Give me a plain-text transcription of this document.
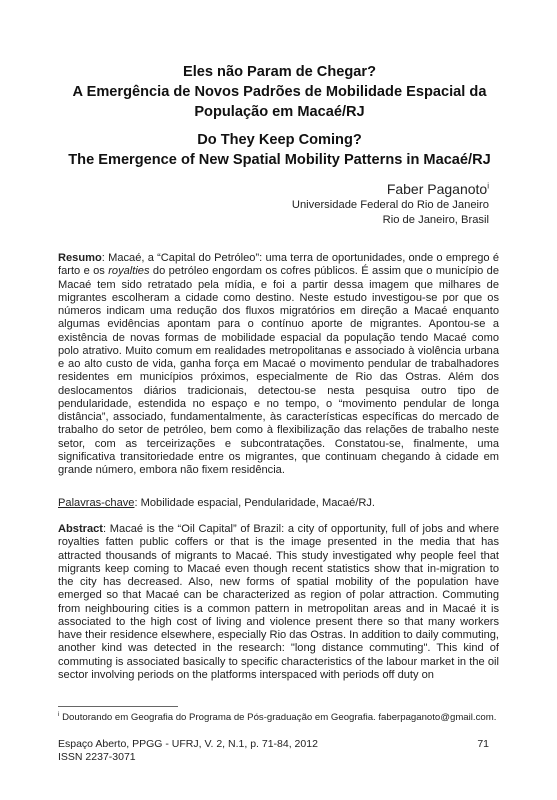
Eles não Param de Chegar?
A Emergência de Novos Padrões de Mobilidade Espacial da
População em Macaé/RJ
Do They Keep Coming?
The Emergence of New Spatial Mobility Patterns in Macaé/RJ
Faber Paganoto$^i$
Universidade Federal do Rio de Janeiro
Rio de Janeiro, Brasil
Resumo: Macaé, a “Capital do Petróleo”: uma terra de oportunidades, onde o emprego é farto e os royalties do petróleo engordam os cofres públicos. É assim que o município de Macaé tem sido retratado pela mídia, e foi a partir dessa imagem que milhares de migrantes escolheram a cidade como destino. Neste estudo investigou-se por que os números indicam uma redução dos fluxos migratórios em direção a Macaé enquanto algumas evidências apontam para o contínuo aporte de migrantes. Apontou-se a existência de novas formas de mobilidade espacial da população tendo Macaé como polo atrativo. Muito comum em realidades metropolitanas e associado à violência urbana e ao alto custo de vida, ganha força em Macaé o movimento pendular de trabalhadores residentes em municípios próximos, especialmente de Rio das Ostras. Além dos deslocamentos diários tradicionais, detectou-se nesta pesquisa outro tipo de pendularidade, estendida no espaço e no tempo, o “movimento pendular de longa distância”, associado, fundamentalmente, às características específicas do mercado de trabalho do setor de petróleo, bem como à flexibilização das relações de trabalho neste setor, com as terceirizações e subcontratações. Constatou-se, finalmente, uma significativa transitoriedade entre os migrantes, que continuam chegando à cidade em grande número, embora não fixem residência.
Palavras-chave: Mobilidade espacial, Pendularidade, Macaé/RJ.
Abstract: Macaé is the “Oil Capital” of Brazil: a city of opportunity, full of jobs and where royalties fatten public coffers or that is the image presented in the media that has attracted thousands of migrants to Macaé. This study investigated why people feel that migrants keep coming to Macaé even though recent statistics show that in-migration to the city has decreased. Also, new forms of spatial mobility of the population have emerged so that Macaé can be characterized as region of polar attraction. Commuting from neighbouring cities is a common pattern in metropolitan areas and in Macaé it is associated to the high cost of living and violence present there so that many workers have their residence elsewhere, especially Rio das Ostras. In addition to daily commuting, another kind was detected in the research: "long distance commuting". This kind of commuting is associated basically to specific characteristics of the labour market in the oil sector involving periods on the platforms interspaced with periods off duty on
$^i$ Doutorando em Geografia do Programa de Pós-graduação em Geografia. faberpaganoto@gmail.com.
Espaço Aberto, PPGG - UFRJ, V. 2, N.1, p. 71-84, 2012
ISSN 2237-3071
71
